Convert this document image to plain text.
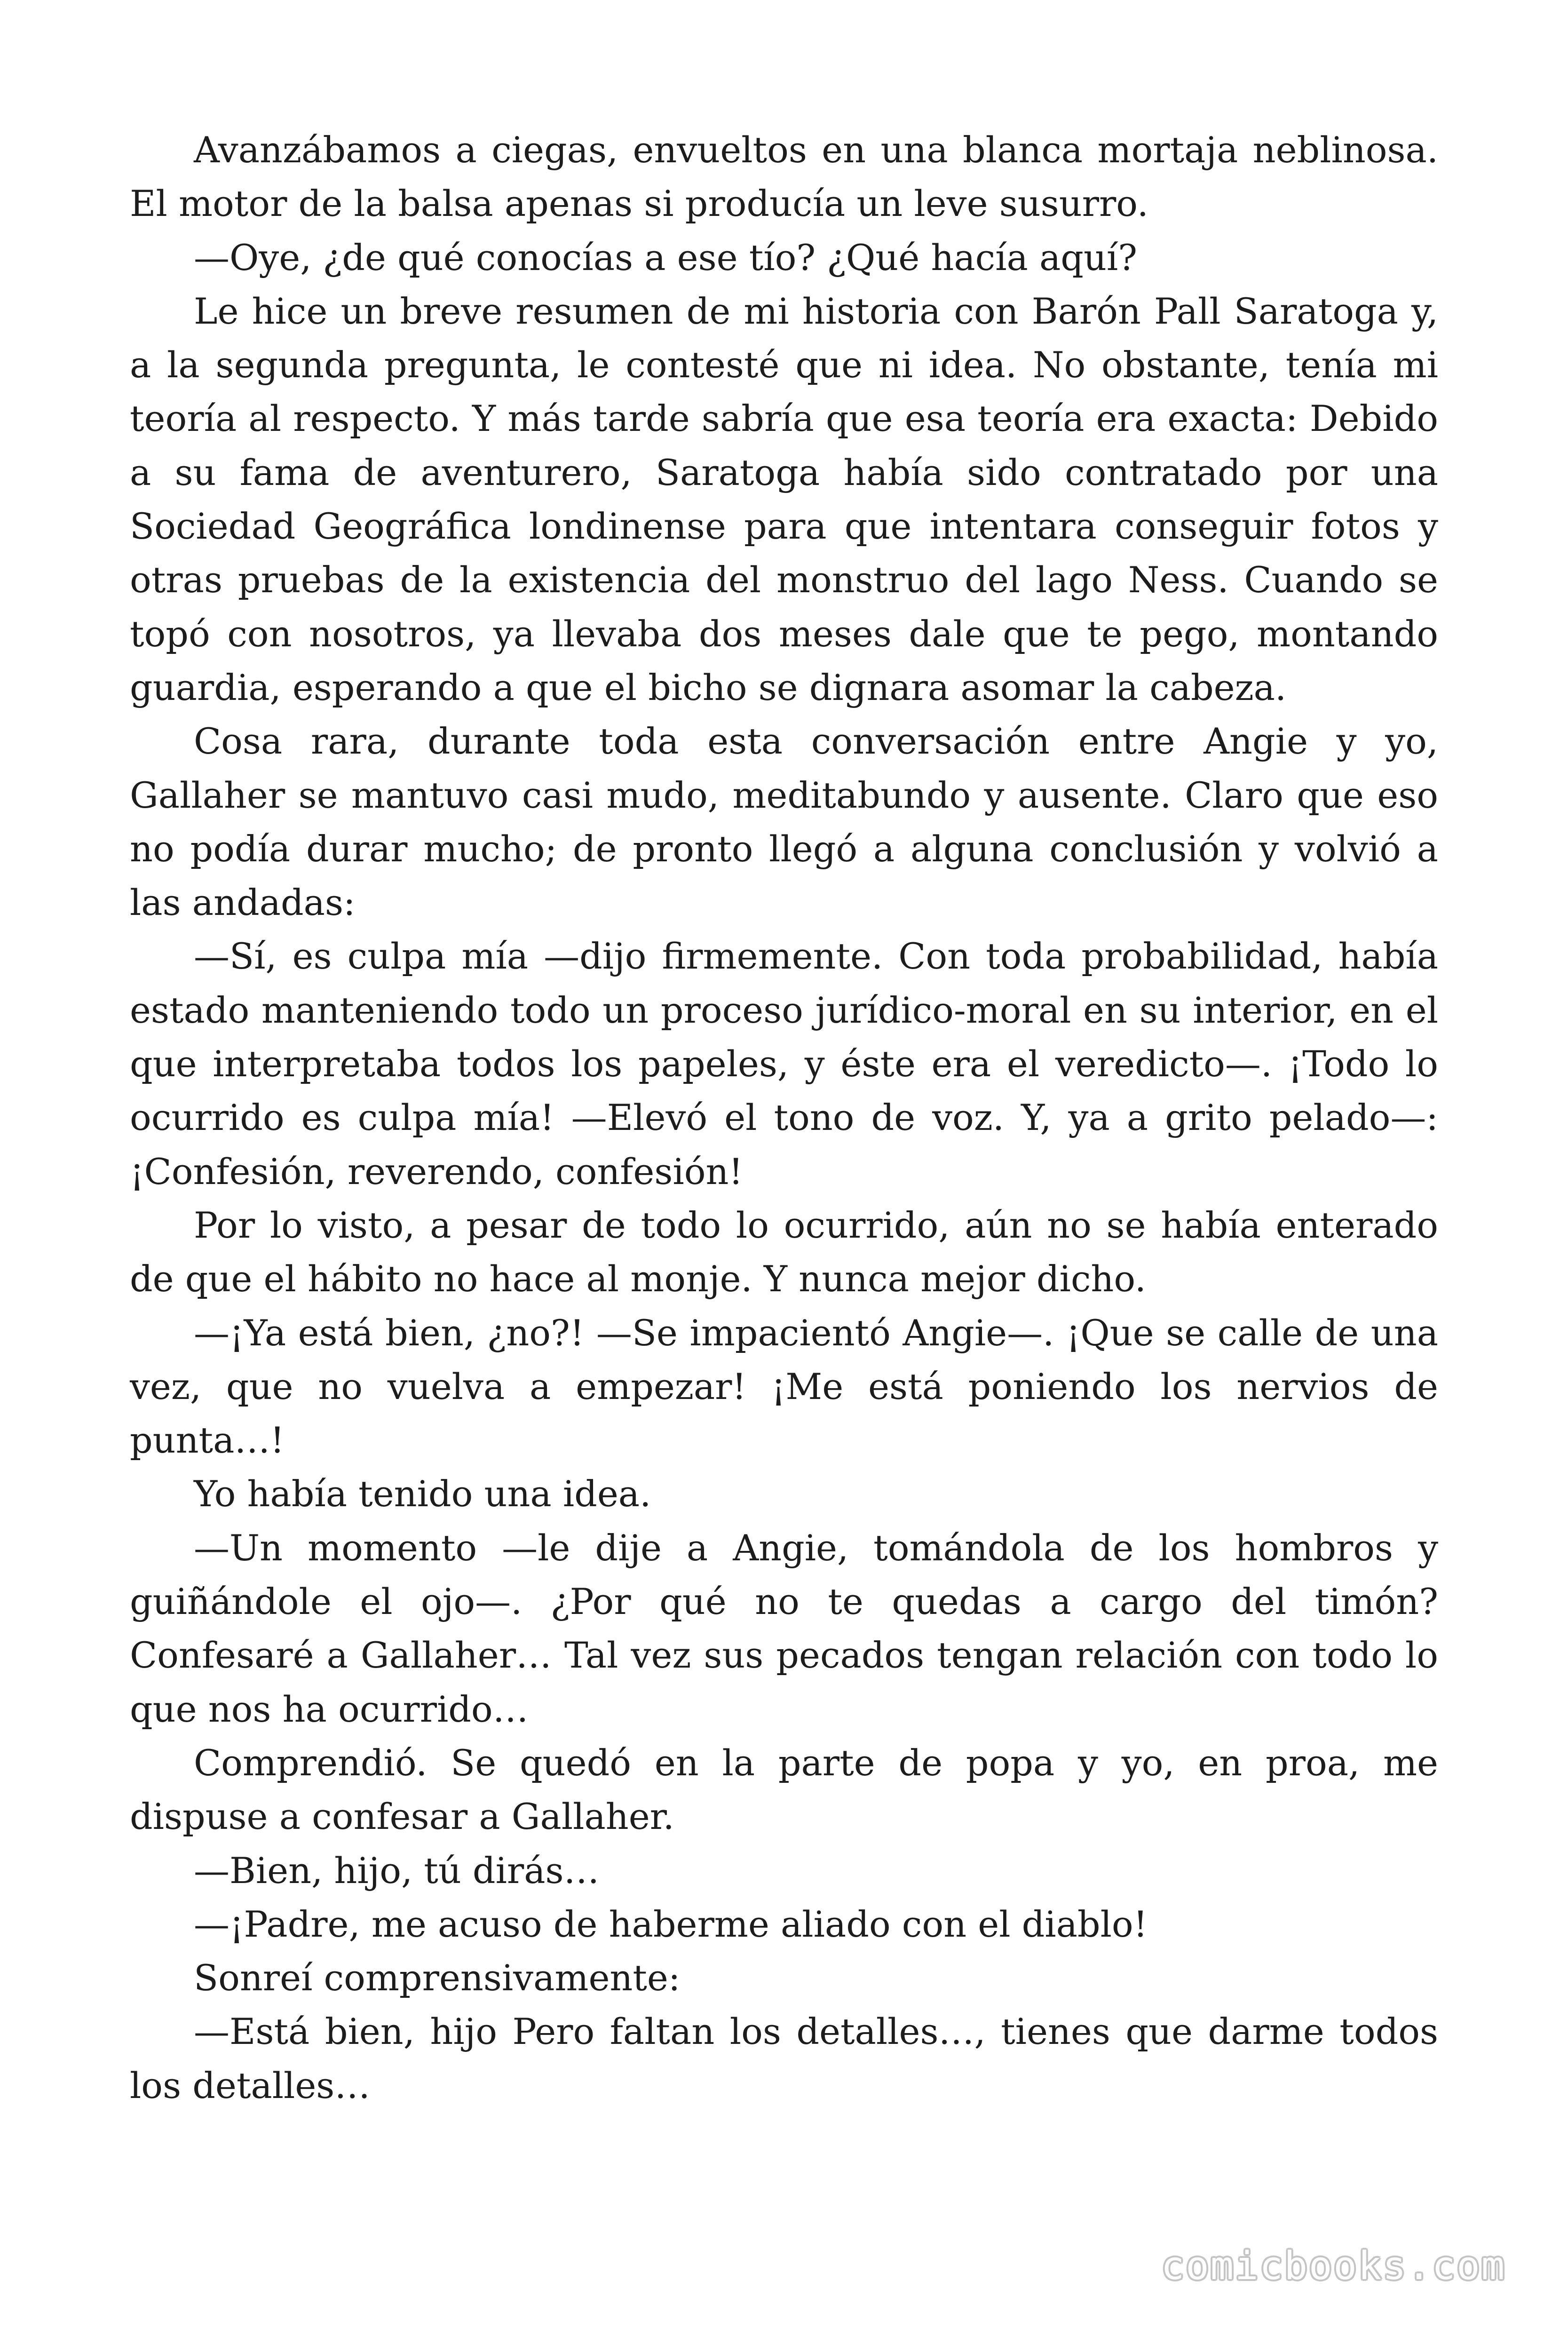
Avanzábamos a ciegas, envueltos en una blanca mortaja neblinosa. El motor de la balsa apenas si producía un leve susurro.

—Oye, ¿de qué conocías a ese tío? ¿Qué hacía aquí?

Le hice un breve resumen de mi historia con Barón Pall Saratoga y, a la segunda pregunta, le contesté que ni idea. No obstante, tenía mi teoría al respecto. Y más tarde sabría que esa teoría era exacta: Debido a su fama de aventurero, Saratoga había sido contratado por una Sociedad Geográfica londinense para que intentara conseguir fotos y otras pruebas de la existencia del monstruo del lago Ness. Cuando se topó con nosotros, ya llevaba dos meses dale que te pego, montando guardia, esperando a que el bicho se dignara asomar la cabeza.

Cosa rara, durante toda esta conversación entre Angie y yo, Gallaher se mantuvo casi mudo, meditabundo y ausente. Claro que eso no podía durar mucho; de pronto llegó a alguna conclusión y volvió a las andadas:

—Sí, es culpa mía —dijo firmemente. Con toda probabilidad, había estado manteniendo todo un proceso jurídico-moral en su interior, en el que interpretaba todos los papeles, y éste era el veredicto—. ¡Todo lo ocurrido es culpa mía! —Elevó el tono de voz. Y, ya a grito pelado—: ¡Confesión, reverendo, confesión!

Por lo visto, a pesar de todo lo ocurrido, aún no se había enterado de que el hábito no hace al monje. Y nunca mejor dicho.

—¡Ya está bien, ¿no?! —Se impacientó Angie—. ¡Que se calle de una vez, que no vuelva a empezar! ¡Me está poniendo los nervios de punta…!

Yo había tenido una idea.

—Un momento —le dije a Angie, tomándola de los hombros y guiñándole el ojo—. ¿Por qué no te quedas a cargo del timón? Confesaré a Gallaher… Tal vez sus pecados tengan relación con todo lo que nos ha ocurrido…

Comprendió. Se quedó en la parte de popa y yo, en proa, me dispuse a confesar a Gallaher.

—Bien, hijo, tú dirás…

—¡Padre, me acuso de haberme aliado con el diablo!

Sonreí comprensivamente:

—Está bien, hijo Pero faltan los detalles…, tienes que darme todos los detalles…

comicbooks.com
